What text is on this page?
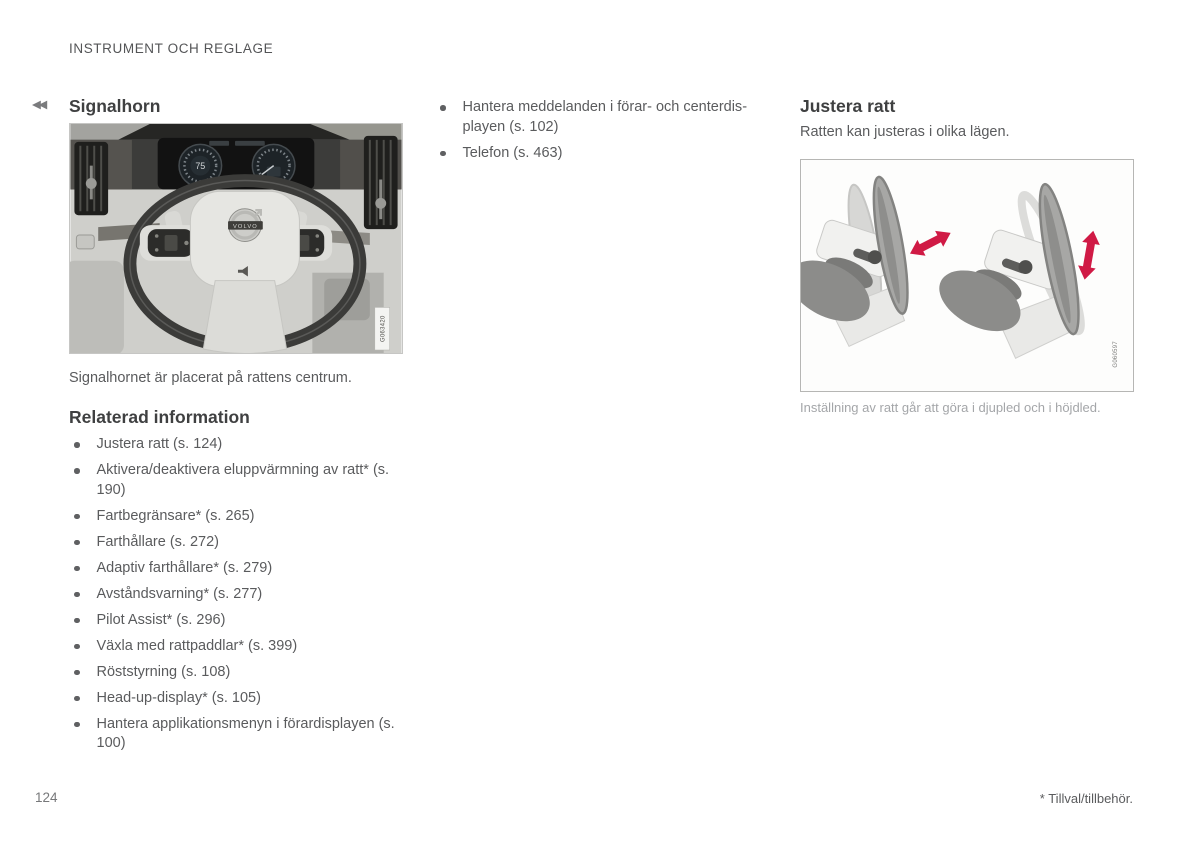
INSTRUMENT OCH REGLAGE
◀◀ Signalhorn
75
VOLVO
G063420
Signalhornet är placerat på rattens centrum.
Relaterad information
Justera ratt (s. 124)
Aktivera/deaktivera eluppvärmning av ratt* (s. 190)
Fartbegränsare* (s. 265)
Farthållare (s. 272)
Adaptiv farthållare* (s. 279)
Avståndsvarning* (s. 277)
Pilot Assist* (s. 296)
Växla med rattpaddlar* (s. 399)
Röststyrning (s. 108)
Head-up-display* (s. 105)
Hantera applikationsmenyn i förardisplayen (s. 100)
Hantera meddelanden i förar- och centerdisplayen (s. 102)
Telefon (s. 463)
Justera ratt
Ratten kan justeras i olika lägen.
G060597
Inställning av ratt går att göra i djupled och i höjdled.
124	* Tillval/tillbehör.
